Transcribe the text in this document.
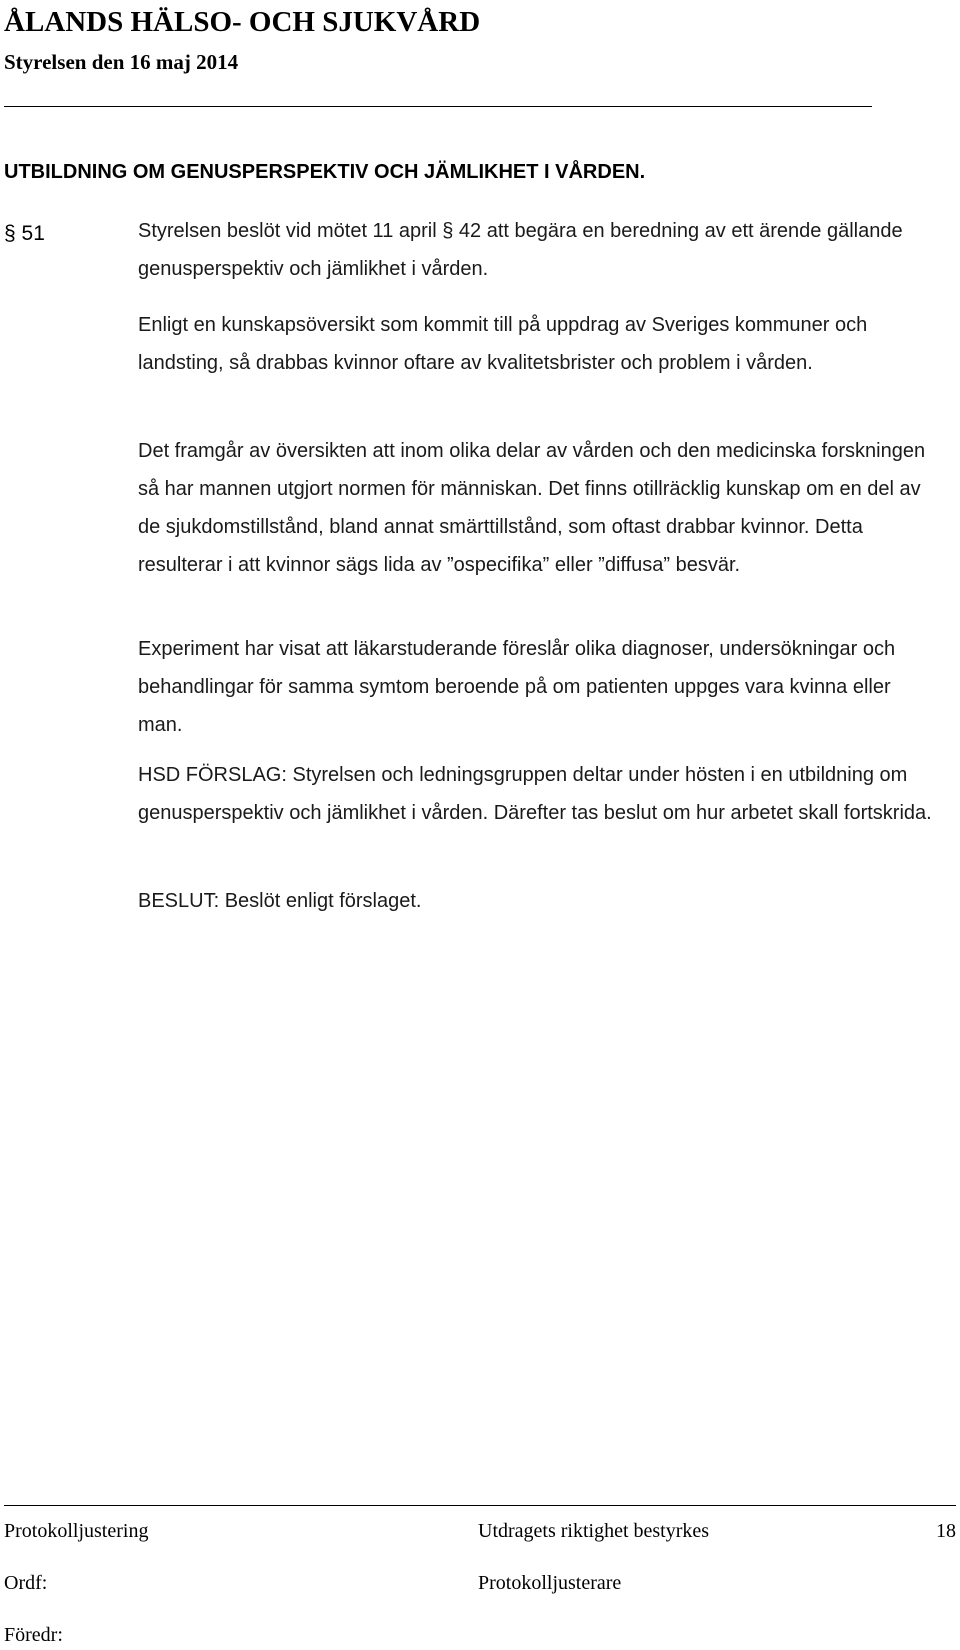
ÅLANDS HÄLSO- OCH SJUKVÅRD
Styrelsen den 16 maj 2014
UTBILDNING OM GENUSPERSPEKTIV OCH JÄMLIKHET I VÅRDEN.
§ 51	Styrelsen beslöt vid mötet 11 april § 42 att begära en beredning av ett ärende gällande genusperspektiv och jämlikhet i vården.

Enligt en kunskapsöversikt som kommit till på uppdrag av Sveriges kommuner och landsting, så drabbas kvinnor oftare av kvalitetsbrister och problem i vården.

Det framgår av översikten att inom olika delar av vården och den medicinska forskningen så har mannen utgjort normen för människan. Det finns otillräcklig kunskap om en del av de sjukdomstillstånd, bland annat smärttillstånd, som oftast drabbar kvinnor. Detta resulterar i att kvinnor sägs lida av ”ospecifika” eller ”diffusa” besvär.

Experiment har visat att läkarstuderande föreslår olika diagnoser, undersökningar och behandlingar för samma symtom beroende på om patienten uppges vara kvinna eller man.

HSD FÖRSLAG: Styrelsen och ledningsgruppen deltar under hösten i en utbildning om genusperspektiv och jämlikhet i vården. Därefter tas beslut om hur arbetet skall fortskrida.

BESLUT: Beslöt enligt förslaget.

Protokolljustering	Utdragets riktighet bestyrkes	18
Ordf:	Protokolljusterare
Föredr:
